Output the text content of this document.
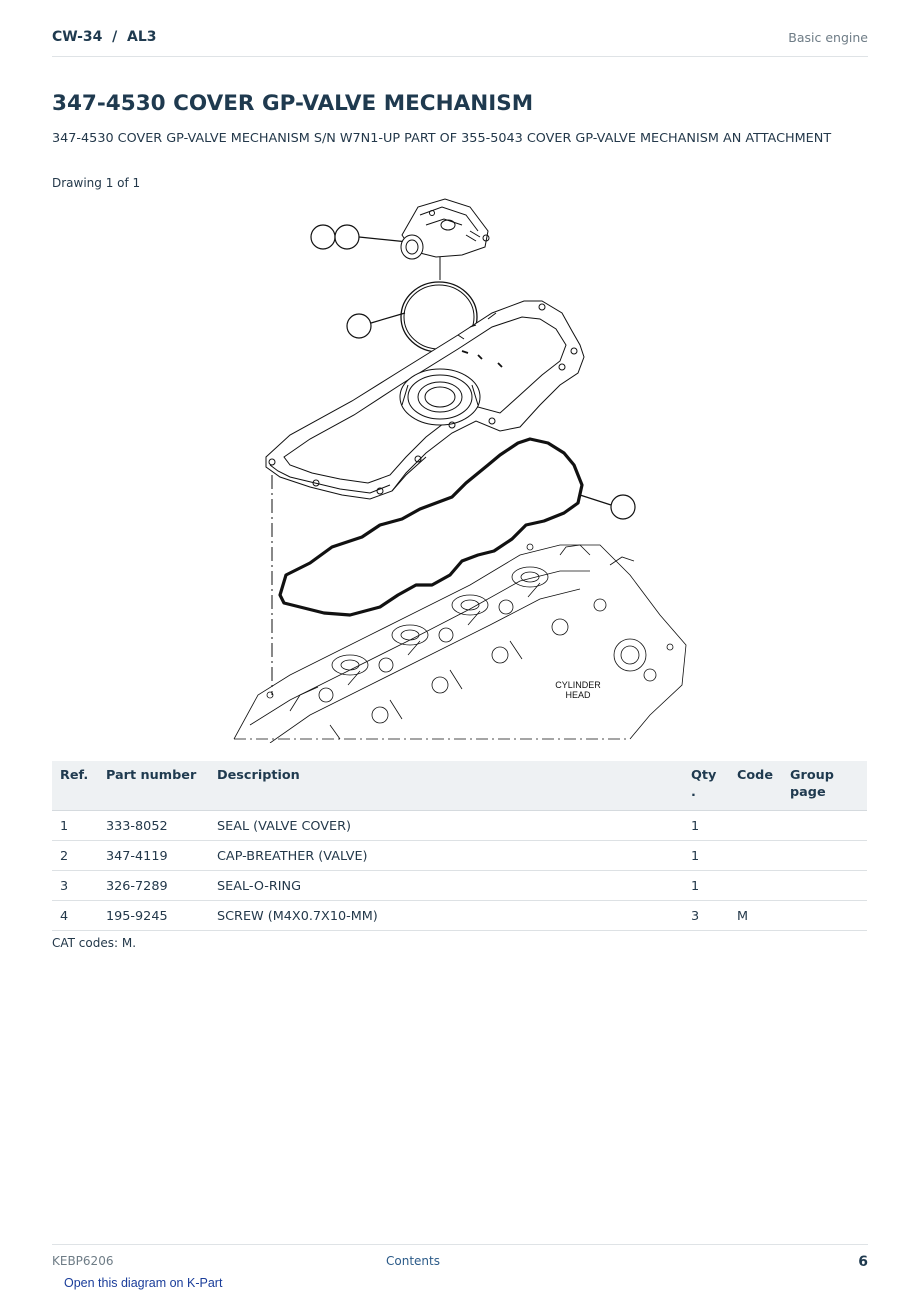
CW-34  /  AL3	Basic engine
347-4530 COVER GP-VALVE MECHANISM

347-4530 COVER GP-VALVE MECHANISM S/N W7N1-UP PART OF 355-5043 COVER GP-VALVE MECHANISM AN ATTACHMENT

Drawing 1 of 1
CYLINDER
HEAD
Ref.	Part number	Description	Qty .	Code	Group page
1	333-8052	SEAL (VALVE COVER)	1		
2	347-4119	CAP-BREATHER (VALVE)	1		
3	326-7289	SEAL-O-RING	1		
4	195-9245	SCREW (M4X0.7X10-MM)	3	M	
CAT codes: M.
KEBP6206	Contents	6
Open this diagram on K-Part
